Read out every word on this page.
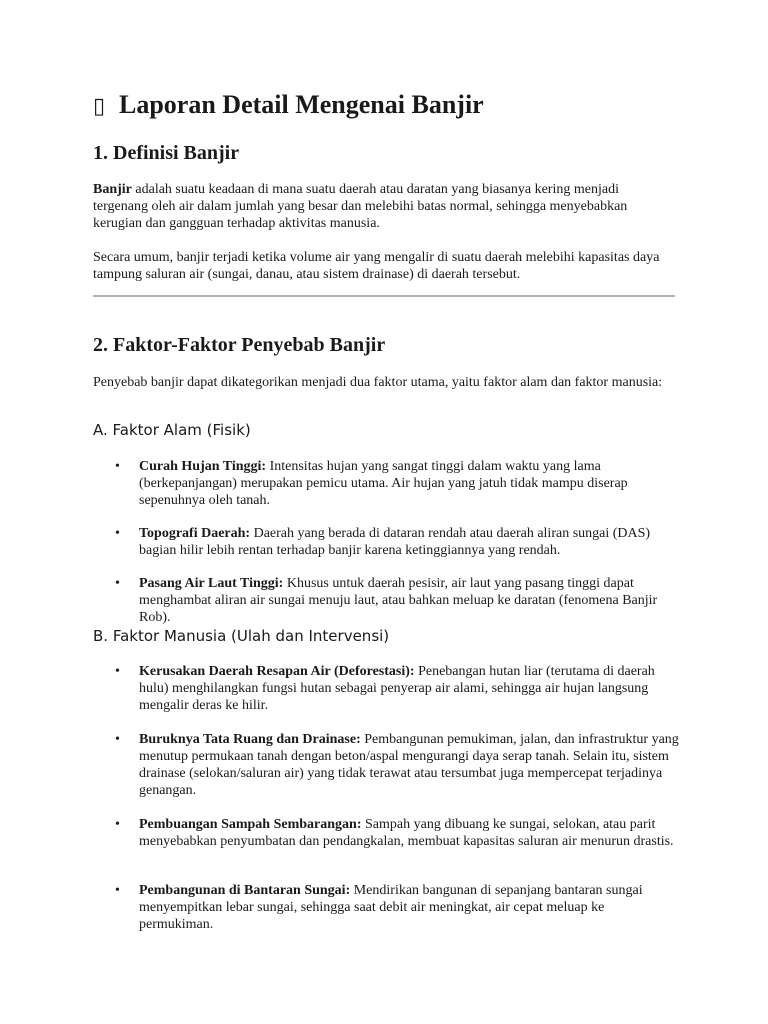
▯ Laporan Detail Mengenai Banjir
1. Definisi Banjir

Banjir adalah suatu keadaan di mana suatu daerah atau daratan yang biasanya kering menjadi tergenang oleh air dalam jumlah yang besar dan melebihi batas normal, sehingga menyebabkan kerugian dan gangguan terhadap aktivitas manusia.

Secara umum, banjir terjadi ketika volume air yang mengalir di suatu daerah melebihi kapasitas daya tampung saluran air (sungai, danau, atau sistem drainase) di daerah tersebut.

2. Faktor-Faktor Penyebab Banjir

Penyebab banjir dapat dikategorikan menjadi dua faktor utama, yaitu faktor alam dan faktor manusia:

A. Faktor Alam (Fisik)
• Curah Hujan Tinggi: Intensitas hujan yang sangat tinggi dalam waktu yang lama (berkepanjangan) merupakan pemicu utama. Air hujan yang jatuh tidak mampu diserap sepenuhnya oleh tanah.
• Topografi Daerah: Daerah yang berada di dataran rendah atau daerah aliran sungai (DAS) bagian hilir lebih rentan terhadap banjir karena ketinggiannya yang rendah.
• Pasang Air Laut Tinggi: Khusus untuk daerah pesisir, air laut yang pasang tinggi dapat menghambat aliran air sungai menuju laut, atau bahkan meluap ke daratan (fenomena Banjir Rob).
B. Faktor Manusia (Ulah dan Intervensi)
• Kerusakan Daerah Resapan Air (Deforestasi): Penebangan hutan liar (terutama di daerah hulu) menghilangkan fungsi hutan sebagai penyerap air alami, sehingga air hujan langsung mengalir deras ke hilir.
• Buruknya Tata Ruang dan Drainase: Pembangunan pemukiman, jalan, dan infrastruktur yang menutup permukaan tanah dengan beton/aspal mengurangi daya serap tanah. Selain itu, sistem drainase (selokan/saluran air) yang tidak terawat atau tersumbat juga mempercepat terjadinya genangan.
• Pembuangan Sampah Sembarangan: Sampah yang dibuang ke sungai, selokan, atau parit menyebabkan penyumbatan dan pendangkalan, membuat kapasitas saluran air menurun drastis.
• Pembangunan di Bantaran Sungai: Mendirikan bangunan di sepanjang bantaran sungai menyempitkan lebar sungai, sehingga saat debit air meningkat, air cepat meluap ke permukiman.
